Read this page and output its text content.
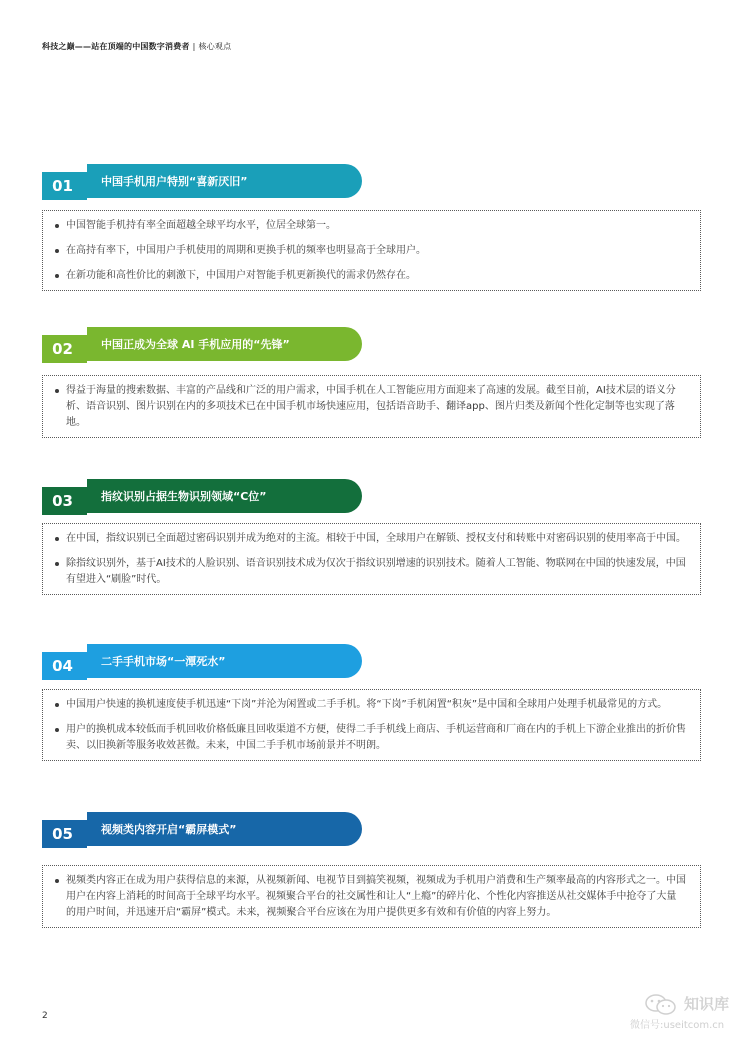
科技之巅——站在顶端的中国数字消费者 | 核心观点
01	中国手机用户特别“喜新厌旧”
中国智能手机持有率全面超越全球平均水平，位居全球第一。
在高持有率下，中国用户手机使用的周期和更换手机的频率也明显高于全球用户。
在新功能和高性价比的刺激下，中国用户对智能手机更新换代的需求仍然存在。
02	中国正成为全球 AI 手机应用的“先锋”
得益于海量的搜索数据、丰富的产品线和广泛的用户需求，中国手机在人工智能应用方面迎来了高速的发展。截至目前，AI技术层的语义分析、语音识别、图片识别在内的多项技术已在中国手机市场快速应用，包括语音助手、翻译app、图片归类及新闻个性化定制等也实现了落地。
03	指纹识别占据生物识别领域“C位”
在中国，指纹识别已全面超过密码识别并成为绝对的主流。相较于中国，全球用户在解锁、授权支付和转账中对密码识别的使用率高于中国。
除指纹识别外，基于AI技术的人脸识别、语音识别技术成为仅次于指纹识别增速的识别技术。随着人工智能、物联网在中国的快速发展，中国有望进入“刷脸”时代。
04	二手手机市场“一潭死水”
中国用户快速的换机速度使手机迅速“下岗”并沦为闲置或二手手机。将“下岗”手机闲置“积灰”是中国和全球用户处理手机最常见的方式。
用户的换机成本较低而手机回收价格低廉且回收渠道不方便，使得二手手机线上商店、手机运营商和厂商在内的手机上下游企业推出的折价售卖、以旧换新等服务收效甚微。未来，中国二手手机市场前景并不明朗。
05	视频类内容开启“霸屏模式”
视频类内容正在成为用户获得信息的来源，从视频新闻、电视节目到搞笑视频，视频成为手机用户消费和生产频率最高的内容形式之一。中国用户在内容上消耗的时间高于全球平均水平。视频聚合平台的社交属性和让人“上瘾”的碎片化、个性化内容推送从社交媒体手中抢夺了大量的用户时间，并迅速开启“霸屏”模式。未来，视频聚合平台应该在为用户提供更多有效和有价值的内容上努力。
2
知识库
微信号:useitcom.cn
